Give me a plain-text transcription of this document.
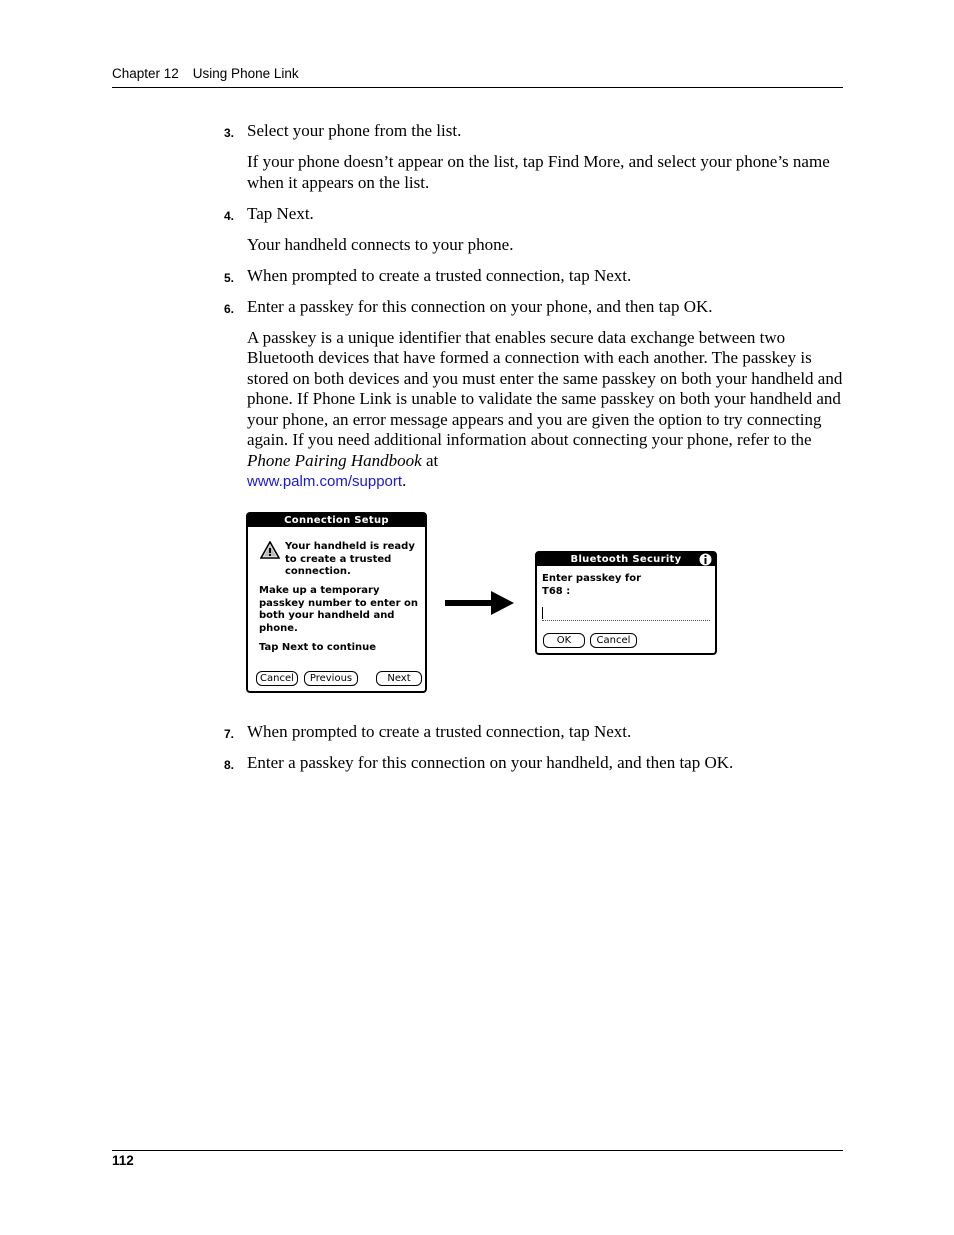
Chapter 12 Using Phone Link
3. Select your phone from the list.
If your phone doesn’t appear on the list, tap Find More, and select your phone’s name when it appears on the list.
4. Tap Next.
Your handheld connects to your phone.
5. When prompted to create a trusted connection, tap Next.
6. Enter a passkey for this connection on your phone, and then tap OK.
A passkey is a unique identifier that enables secure data exchange between two Bluetooth devices that have formed a connection with each another. The passkey is stored on both devices and you must enter the same passkey on both your handheld and phone. If Phone Link is unable to validate the same passkey on both your handheld and your phone, an error message appears and you are given the option to try connecting again. If you need additional information about connecting your phone, refer to the Phone Pairing Handbook at
www.palm.com/support.
Connection Setup
Your handheld is ready to create a trusted connection.
Make up a temporary passkey number to enter on both your handheld and phone.
Tap Next to continue
Cancel	Previous	Next
Bluetooth Security
Enter passkey for
T68 :
OK	Cancel
7. When prompted to create a trusted connection, tap Next.
8. Enter a passkey for this connection on your handheld, and then tap OK.
112
